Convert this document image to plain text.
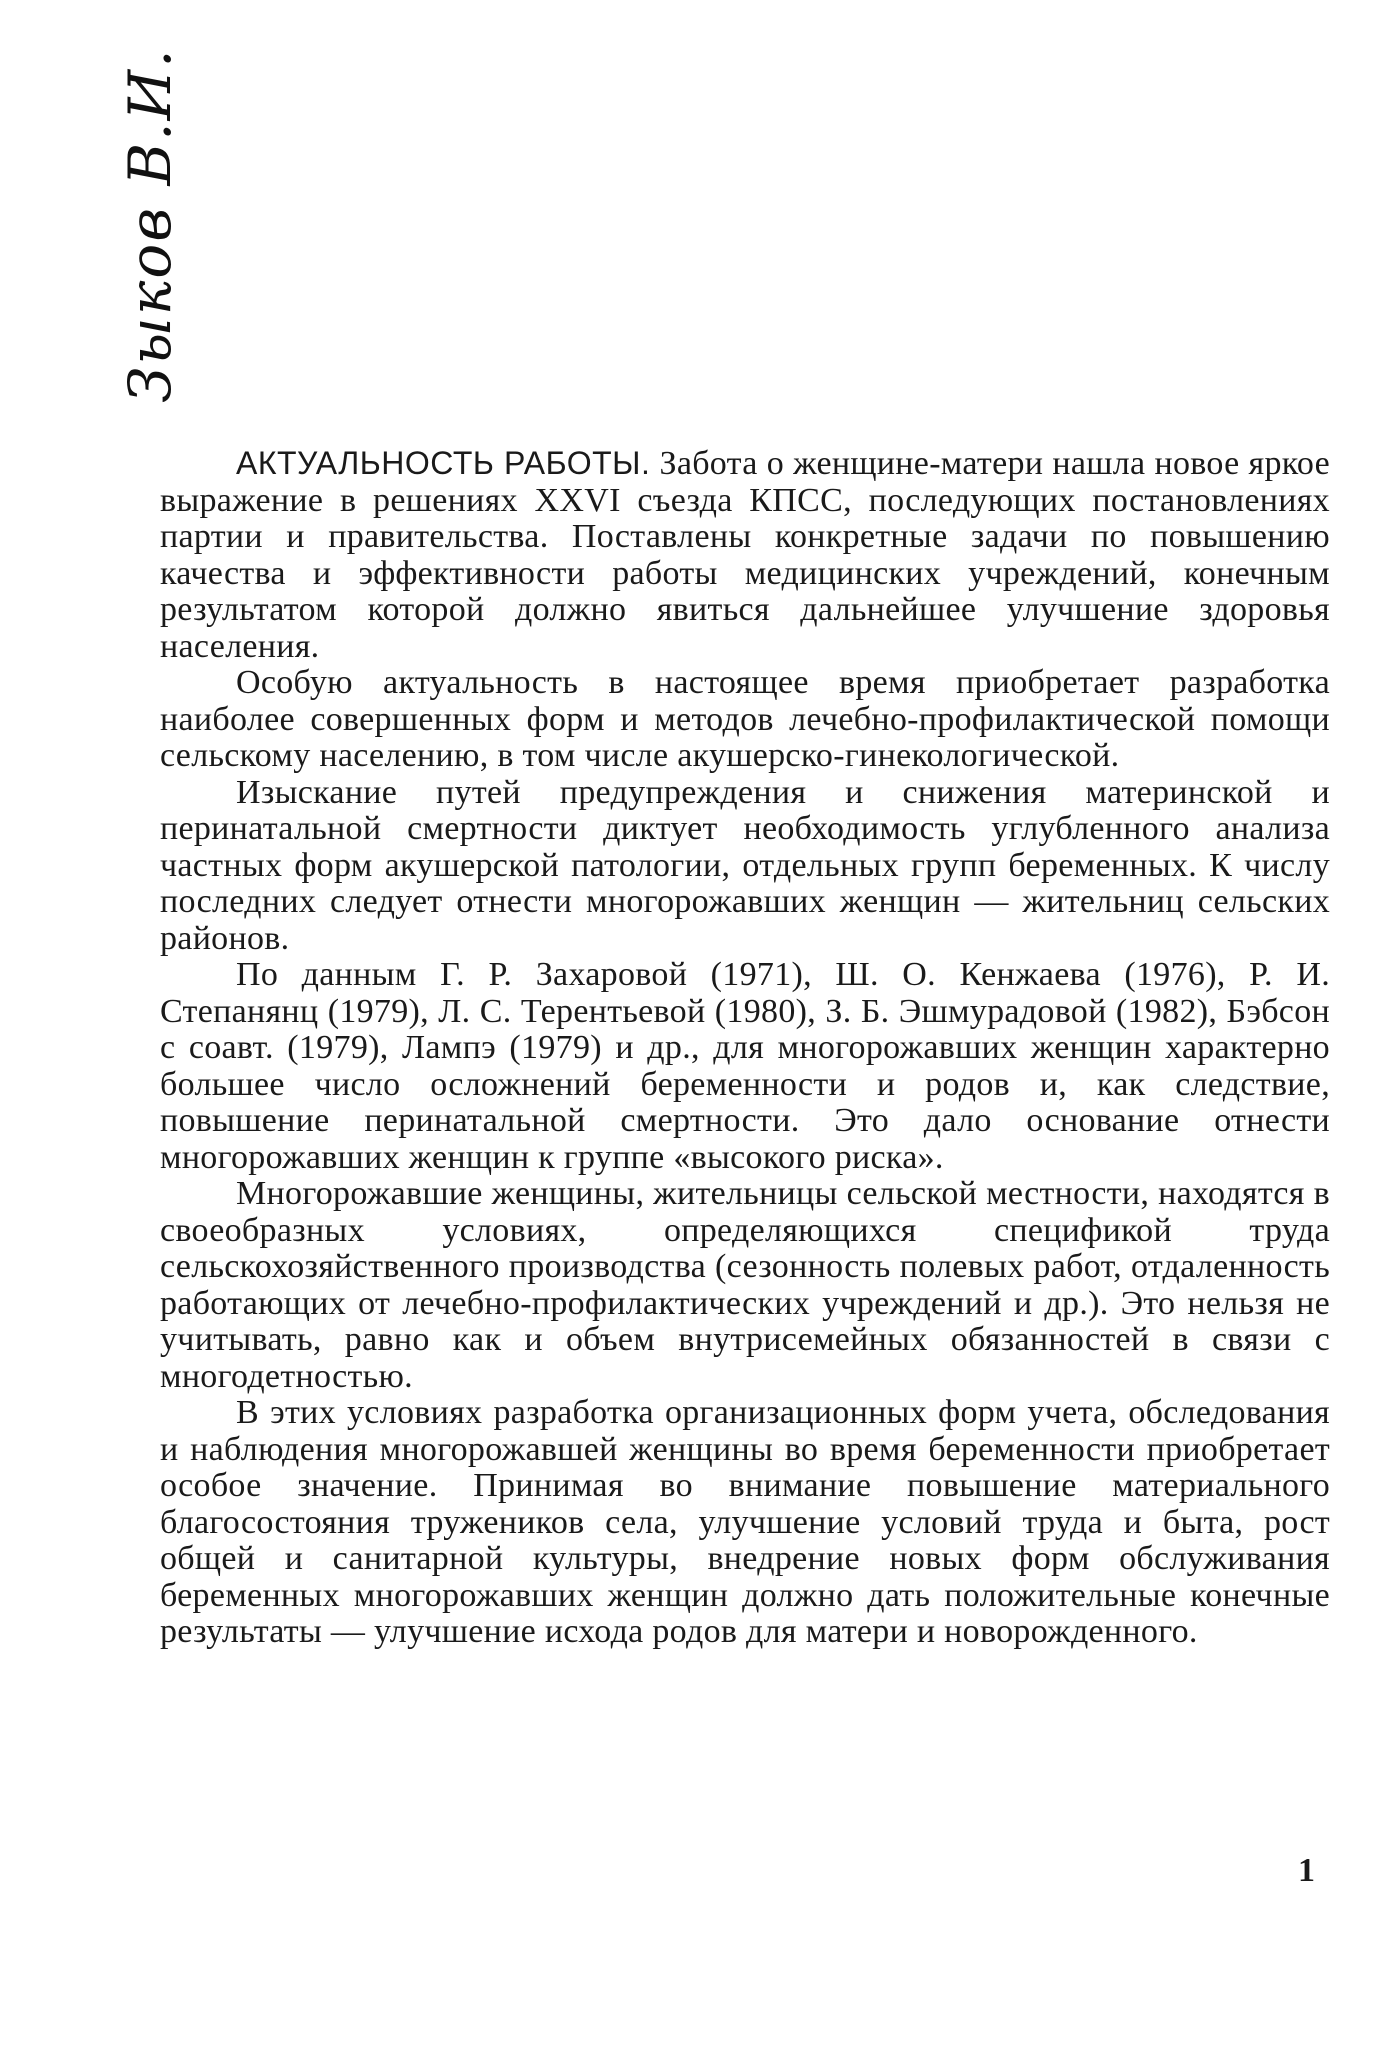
Зыков В.И.

АКТУАЛЬНОСТЬ РАБОТЫ. Забота о женщине-матери нашла новое яркое выражение в решениях XXVI съезда КПСС, последующих постановлениях партии и правительства. Поставлены конкретные задачи по повышению качества и эффективности работы медицинских учреждений, конечным результатом которой должно явиться дальнейшее улучшение здоровья населения.

Особую актуальность в настоящее время приобретает разработка наиболее совершенных форм и методов лечебно-профилактической помощи сельскому населению, в том числе акушерско-гинекологической.

Изыскание путей предупреждения и снижения материнской и перинатальной смертности диктует необходимость углубленного анализа частных форм акушерской патологии, отдельных групп беременных. К числу последних следует отнести многорожавших женщин — жительниц сельских районов.

По данным Г. Р. Захаровой (1971), Ш. О. Кенжаева (1976), Р. И. Степанянц (1979), Л. С. Терентьевой (1980), З. Б. Эшмурадовой (1982), Бэбсон с соавт. (1979), Лампэ (1979) и др., для многорожавших женщин характерно большее число осложнений беременности и родов и, как следствие, повышение перинатальной смертности. Это дало основание отнести многорожавших женщин к группе «высокого риска».

Многорожавшие женщины, жительницы сельской местности, находятся в своеобразных условиях, определяющихся спецификой труда сельскохозяйственного производства (сезонность полевых работ, отдаленность работающих от лечебно-профилактических учреждений и др.). Это нельзя не учитывать, равно как и объем внутрисемейных обязанностей в связи с многодетностью.

В этих условиях разработка организационных форм учета, обследования и наблюдения многорожавшей женщины во время беременности приобретает особое значение. Принимая во внимание повышение материального благосостояния тружеников села, улучшение условий труда и быта, рост общей и санитарной культуры, внедрение новых форм обслуживания беременных многорожавших женщин должно дать положительные конечные результаты — улучшение исхода родов для матери и новорожденного.

1
